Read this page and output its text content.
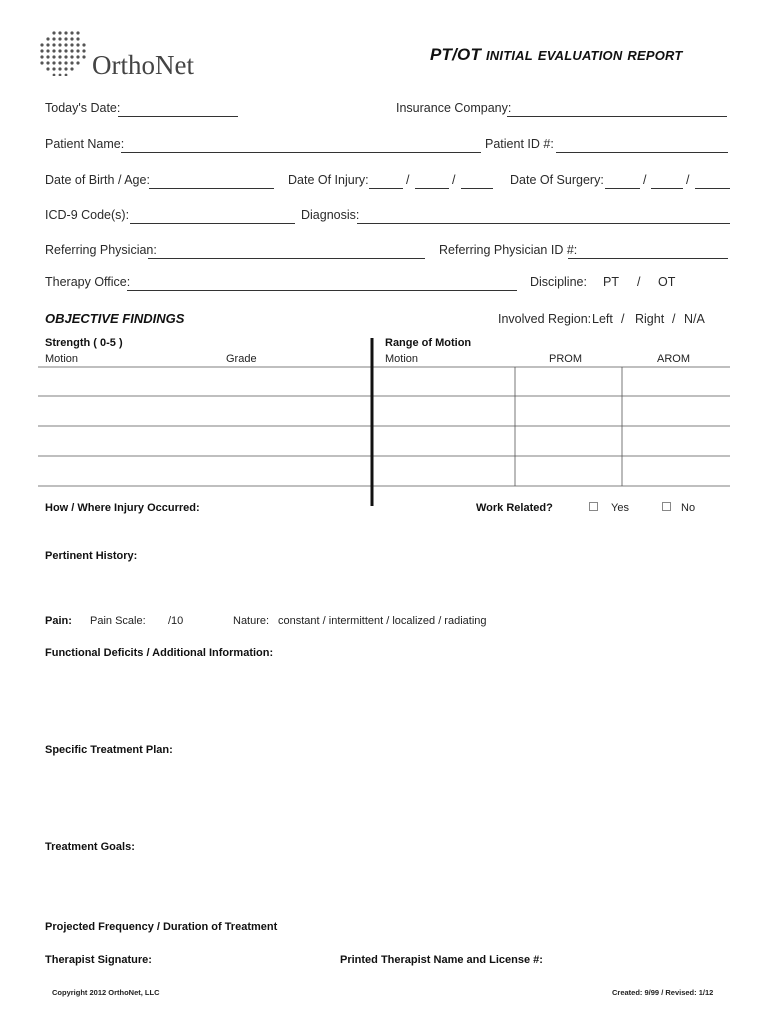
OrthoNet	PT/OT INITIAL EVALUATION REPORT
Today's Date:	Insurance Company:
Patient Name:	Patient ID #:
Date of Birth / Age:	Date Of Injury:	/	/	Date Of Surgery:	/	/
ICD-9 Code(s):	Diagnosis:
Referring Physician:	Referring Physician ID #:
Therapy Office:	Discipline: PT / OT
OBJECTIVE FINDINGS	Involved Region: Left / Right / N/A
Strength ( 0-5 )
Motion	Grade
Range of Motion
Motion	PROM	AROM
How / Where Injury Occurred:	Work Related?	Yes	No
Pertinent History:
Pain: Pain Scale: /10	Nature: constant / intermittent / localized / radiating
Functional Deficits / Additional Information:
Specific Treatment Plan:
Treatment Goals:
Projected Frequency / Duration of Treatment
Therapist Signature:	Printed Therapist Name and License #:
Copyright 2012 OrthoNet, LLC	Created: 9/99 / Revised: 1/12
